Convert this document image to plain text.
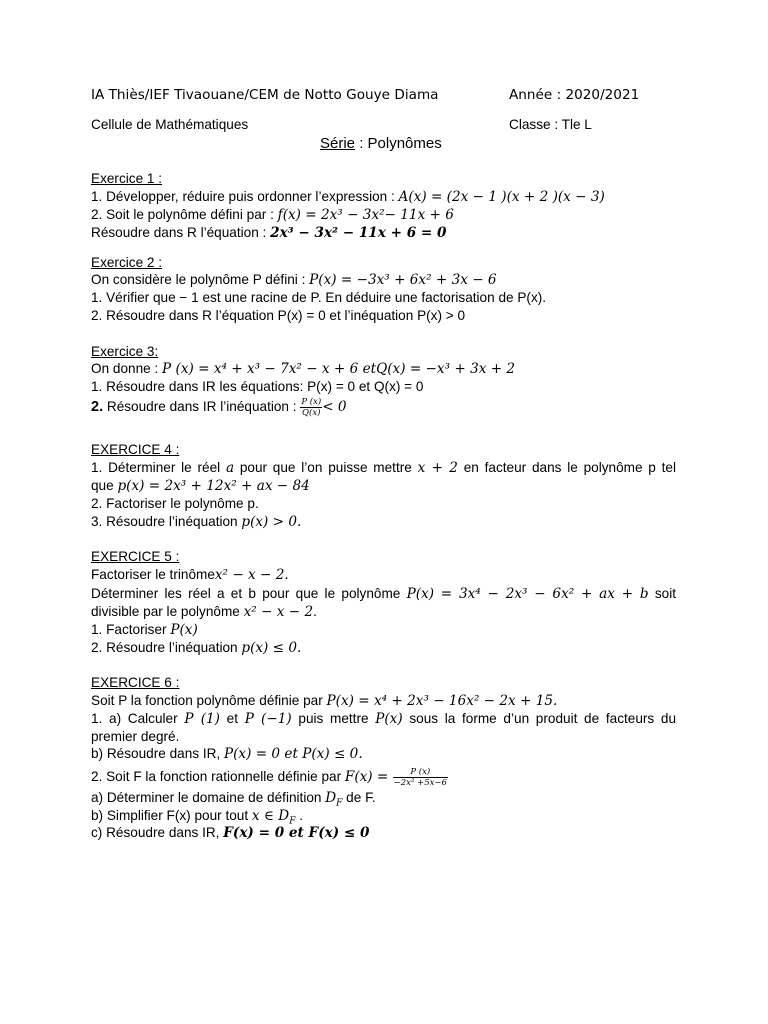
IA Thiès/IEF Tivaouane/CEM de Notto Gouye Diama	Année : 2020/2021
Cellule de Mathématiques	Classe : Tle L
Série : Polynômes
Exercice 1 :
1. Développer, réduire puis ordonner l’expression : A(x) = (2x − 1 )(x + 2 )(x − 3)
2. Soit le polynôme défini par : f(x) = 2x³ − 3x²− 11x + 6
Résoudre dans R l’équation : 2x³ − 3x² − 11x + 6 = 0
Exercice 2 :
On considère le polynôme P défini : P(x) = −3x³ + 6x² + 3x − 6
1. Vérifier que − 1 est une racine de P. En déduire une factorisation de P(x).
2. Résoudre dans R l’équation P(x) = 0 et l’inéquation P(x) > 0
Exercice 3:
On donne : P (x) = x⁴ + x³ − 7x² − x + 6 etQ(x) = −x³ + 3x + 2
1. Résoudre dans IR les équations: P(x) = 0 et Q(x) = 0
2. Résoudre dans IR l’inéquation : $\frac{P (x)}{Q(x)} < 0$
EXERCICE 4 :
1. Déterminer le réel a pour que l’on puisse mettre x + 2 en facteur dans le polynôme p tel
que p(x) = 2x³ + 12x² + ax − 84
2. Factoriser le polynôme p.
3. Résoudre l’inéquation p(x) > 0.
EXERCICE 5 :
Factoriser le trinômex² − x − 2.
Déterminer les réel a et b pour que le polynôme P(x) = 3x⁴ − 2x³ − 6x² + ax + b soit
divisible par le polynôme x² − x − 2.
1. Factoriser P(x)
2. Résoudre l’inéquation p(x) ≤ 0.
EXERCICE 6 :
Soit P la fonction polynôme définie par P(x) = x⁴ + 2x³ − 16x² − 2x + 15.
1. a) Calculer P (1) et P (−1) puis mettre P(x) sous la forme d’un produit de facteurs du
premier degré.
b) Résoudre dans IR, P(x) = 0 et P(x) ≤ 0.
2. Soit F la fonction rationnelle définie par $F(x) = \frac{P (x)}{\text{−2x² +5x−6}}$
a) Déterminer le domaine de définition $D_F$ de F.
b) Simplifier F(x) pour tout x ∈ $D_F$ .
c) Résoudre dans IR, F(x) = 0 et F(x) ≤ 0
